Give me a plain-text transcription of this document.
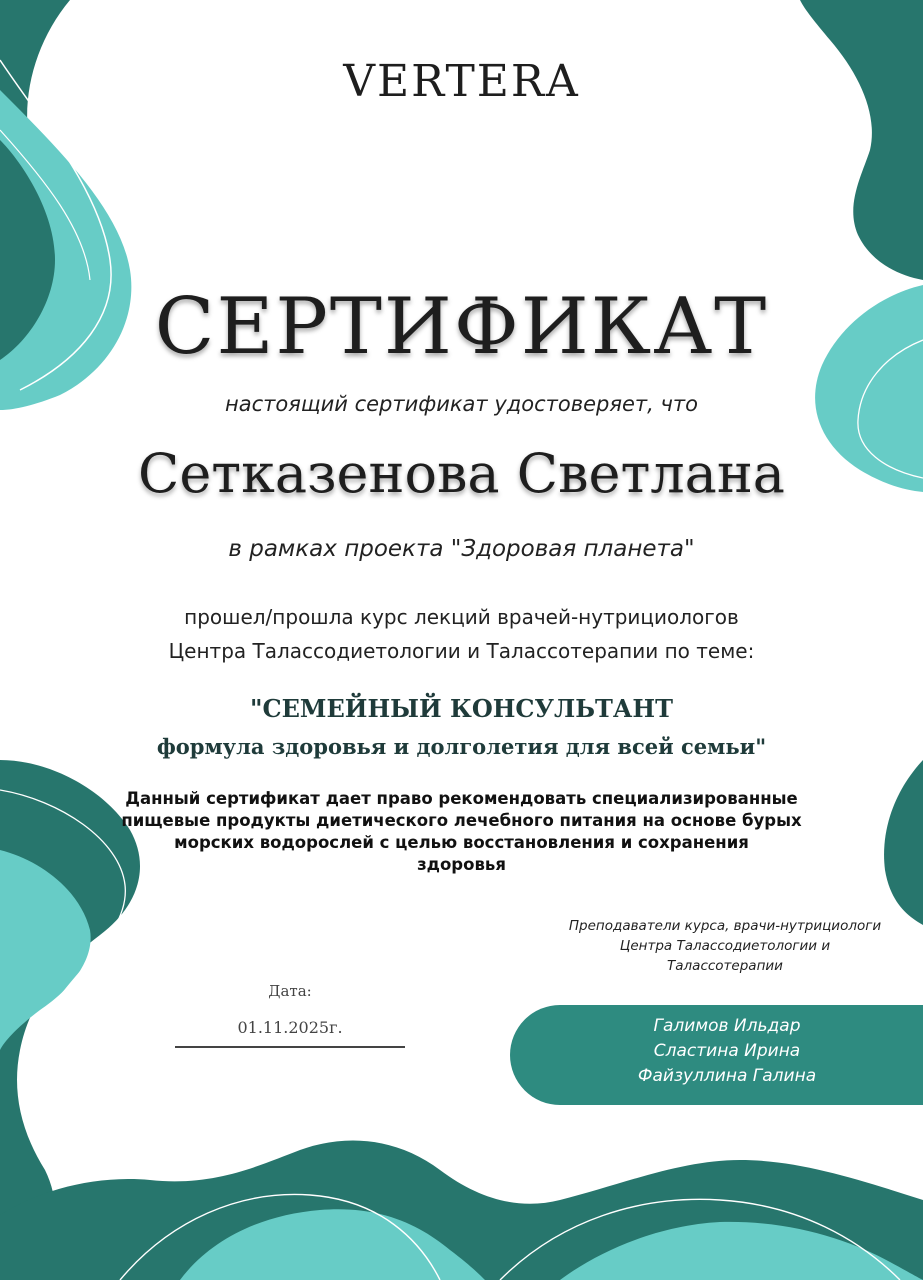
VERTERA

СЕРТИФИКАТ

настоящий сертификат удостоверяет, что

Сетказенова Светлана

в рамках проекта "Здоровая планета"

прошел/прошла курс лекций врачей-нутрициологов
Центра Талассодиетологии и Талассотерапии по теме:

"СЕМЕЙНЫЙ КОНСУЛЬТАНТ
формула здоровья и долголетия для всей семьи"

Данный сертификат дает право рекомендовать специализированные
пищевые продукты диетического лечебного питания на основе бурых
морских водорослей с целью восстановления и сохранения
здоровья

Преподаватели курса, врачи-нутрициологи
Центра Талассодиетологии и
Талассотерапии
Дата:
01.11.2025г.	Галимов Ильдар
Сластина Ирина
Файзуллина Галина
